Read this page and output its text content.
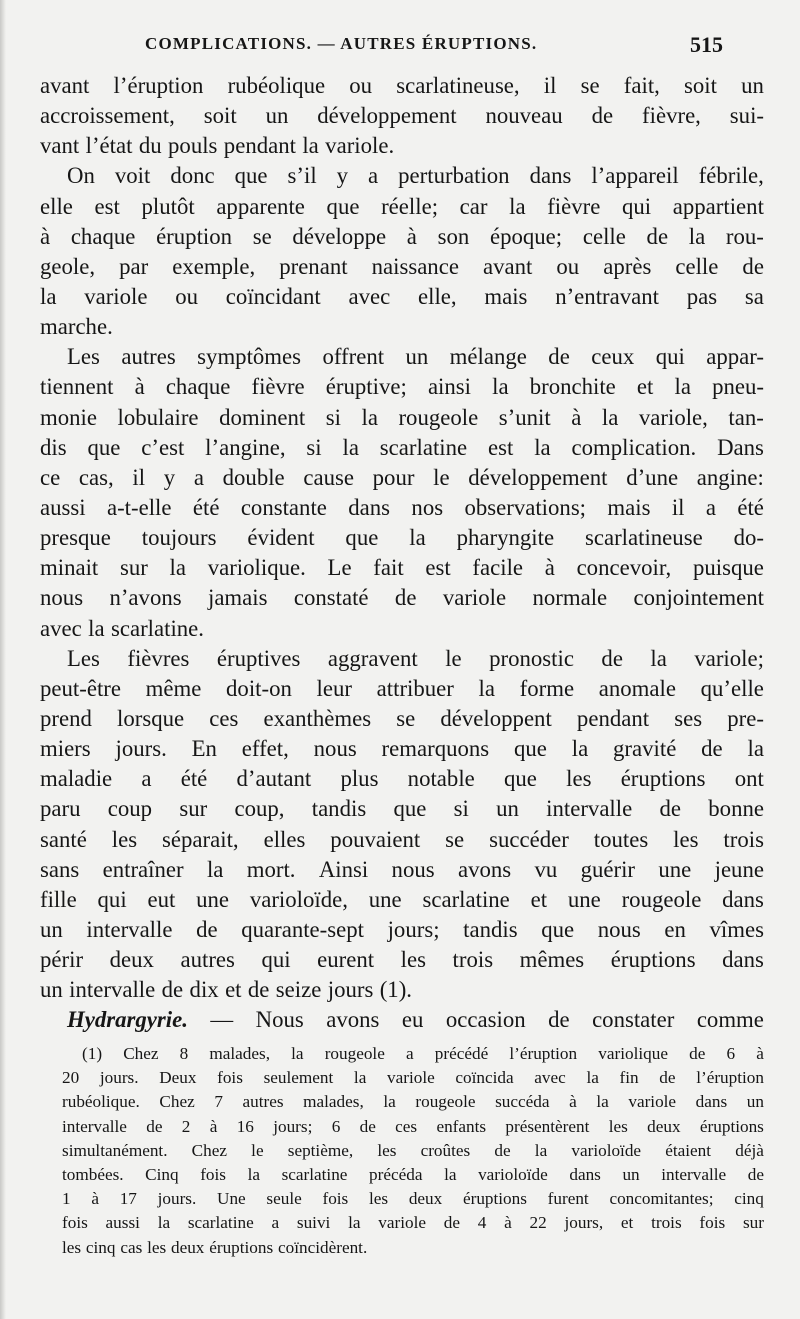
COMPLICATIONS. — AUTRES ÉRUPTIONS.	515
avant l’éruption rubéolique ou scarlatineuse, il se fait, soit un
accroissement, soit un développement nouveau de fièvre, sui-
vant l’état du pouls pendant la variole.
On voit donc que s’il y a perturbation dans l’appareil fébrile,
elle est plutôt apparente que réelle; car la fièvre qui appartient
à chaque éruption se développe à son époque; celle de la rou-
geole, par exemple, prenant naissance avant ou après celle de
la variole ou coïncidant avec elle, mais n’entravant pas sa
marche.
Les autres symptômes offrent un mélange de ceux qui appar-
tiennent à chaque fièvre éruptive; ainsi la bronchite et la pneu-
monie lobulaire dominent si la rougeole s’unit à la variole, tan-
dis que c’est l’angine, si la scarlatine est la complication. Dans
ce cas, il y a double cause pour le développement d’une angine:
aussi a-t-elle été constante dans nos observations; mais il a été
presque toujours évident que la pharyngite scarlatineuse do-
minait sur la variolique. Le fait est facile à concevoir, puisque
nous n’avons jamais constaté de variole normale conjointement
avec la scarlatine.
Les fièvres éruptives aggravent le pronostic de la variole;
peut-être même doit-on leur attribuer la forme anomale qu’elle
prend lorsque ces exanthèmes se développent pendant ses pre-
miers jours. En effet, nous remarquons que la gravité de la
maladie a été d’autant plus notable que les éruptions ont
paru coup sur coup, tandis que si un intervalle de bonne
santé les séparait, elles pouvaient se succéder toutes les trois
sans entraîner la mort. Ainsi nous avons vu guérir une jeune
fille qui eut une varioloïde, une scarlatine et une rougeole dans
un intervalle de quarante-sept jours; tandis que nous en vîmes
périr deux autres qui eurent les trois mêmes éruptions dans
un intervalle de dix et de seize jours (1).
Hydrargyrie. — Nous avons eu occasion de constater comme
(1) Chez 8 malades, la rougeole a précédé l’éruption variolique de 6 à
20 jours. Deux fois seulement la variole coïncida avec la fin de l’éruption
rubéolique. Chez 7 autres malades, la rougeole succéda à la variole dans un
intervalle de 2 à 16 jours; 6 de ces enfants présentèrent les deux éruptions
simultanément. Chez le septième, les croûtes de la varioloïde étaient déjà
tombées. Cinq fois la scarlatine précéda la varioloïde dans un intervalle de
1 à 17 jours. Une seule fois les deux éruptions furent concomitantes; cinq
fois aussi la scarlatine a suivi la variole de 4 à 22 jours, et trois fois sur
les cinq cas les deux éruptions coïncidèrent.
